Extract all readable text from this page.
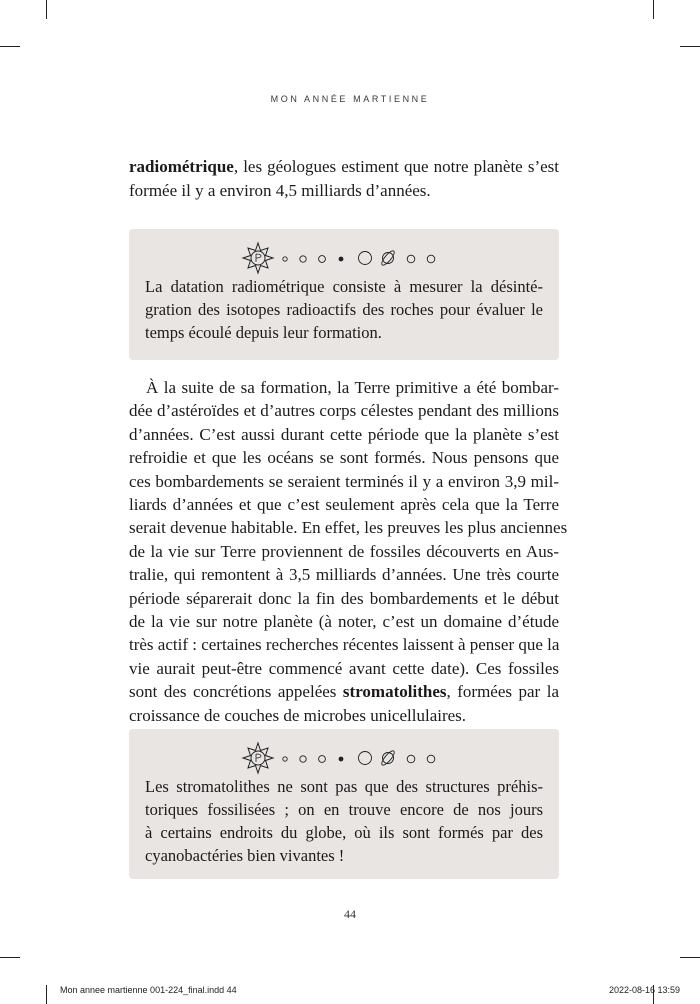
MON ANNÉE MARTIENNE

radiométrique, les géologues estiment que notre planète s’est
formée il y a environ 4,5 milliards d’années.

La datation radiométrique consiste à mesurer la désinté-
gration des isotopes radioactifs des roches pour évaluer le
temps écoulé depuis leur formation.

À la suite de sa formation, la Terre primitive a été bombar-
dée d’astéroïdes et d’autres corps célestes pendant des millions
d’années. C’est aussi durant cette période que la planète s’est
refroidie et que les océans se sont formés. Nous pensons que
ces bombardements se seraient terminés il y a environ 3,9 mil-
liards d’années et que c’est seulement après cela que la Terre
serait devenue habitable. En effet, les preuves les plus anciennes
de la vie sur Terre proviennent de fossiles découverts en Aus-
tralie, qui remontent à 3,5 milliards d’années. Une très courte
période séparerait donc la fin des bombardements et le début
de la vie sur notre planète (à noter, c’est un domaine d’étude
très actif : certaines recherches récentes laissent à penser que la
vie aurait peut-être commencé avant cette date). Ces fossiles
sont des concrétions appelées stromatolithes, formées par la
croissance de couches de microbes unicellulaires.

Les stromatolithes ne sont pas que des structures préhis-
toriques fossilisées ; on en trouve encore de nos jours
à certains endroits du globe, où ils sont formés par des
cyanobactéries bien vivantes !

44
Mon annee martienne 001-224_final.indd 44	2022-08-16 13:59
